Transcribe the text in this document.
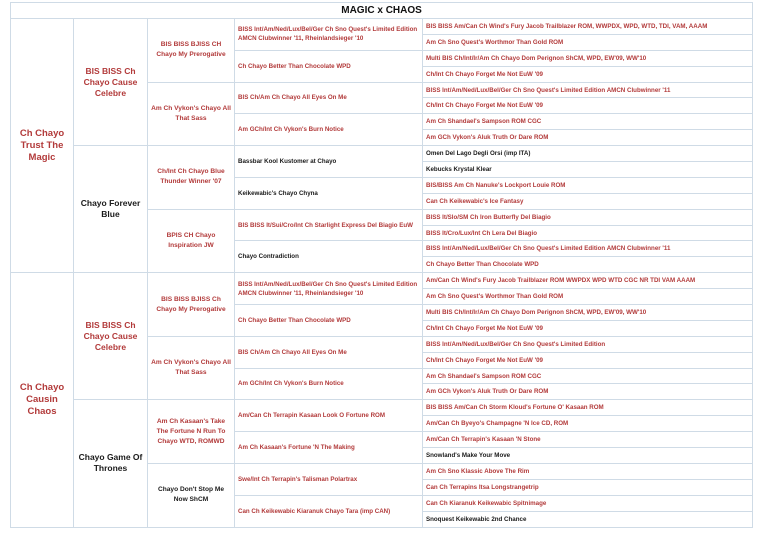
MAGIC x CHAOS				
Ch Chayo Trust The Magic	BIS BISS Ch Chayo Cause Celebre	BIS BISS BJISS CH Chayo My Prerogative	BISS Int/Am/Ned/Lux/Bel/Ger Ch Sno Quest's Limited Edition AMCN Clubwinner '11, Rheinlandsieger '10	BIS BISS Am/Can Ch Wind's Fury Jacob Trailblazer ROM, WWPDX, WPD, WTD, TDI, VAM, AAAM
				Am Ch Sno Quest's Worthmor Than Gold ROM
			Ch Chayo Better Than Chocolate WPD	Multi BIS Ch/Int/Ir/Am Ch Chayo Dom Perignon ShCM, WPD, EW'09, WW'10
				Ch/Int Ch Chayo Forget Me Not EuW '09
		Am Ch Vykon's Chayo All That Sass	BIS Ch/Am Ch Chayo All Eyes On Me	BISS Int/Am/Ned/Lux/Bel/Ger Ch Sno Quest's Limited Edition AMCN Clubwinner '11
				Ch/Int Ch Chayo Forget Me Not EuW '09
			Am GCh/Int Ch Vykon's Burn Notice	Am Ch Shandael's Sampson ROM CGC
				Am GCh Vykon's Aluk Truth Or Dare ROM
	Chayo Forever Blue	Ch/Int Ch Chayo Blue Thunder Winner '07	Bassbar Kool Kustomer at Chayo	Omen Del Lago Degli Orsi (imp ITA)
				Kebucks Krystal Klear
			Keikewabic's Chayo Chyna	BIS/BISS Am Ch Nanuke's Lockport Louie ROM
				Can Ch Keikewabic's Ice Fantasy
		BPIS CH Chayo Inspiration JW	BIS BISS It/Sui/Cro/Int Ch Starlight Express Del Biagio EuW	BISS It/Slo/SM Ch Iron Butterfly Del Biagio
				BISS It/Cro/Lux/Int Ch Lera Del Biagio
			Chayo Contradiction	BISS Int/Am/Ned/Lux/Bel/Ger Ch Sno Quest's Limited Edition AMCN Clubwinner '11
				Ch Chayo Better Than Chocolate WPD
Ch Chayo Causin Chaos	BIS BISS Ch Chayo Cause Celebre	BIS BISS BJISS Ch Chayo My Prerogative	BISS Int/Am/Ned/Lux/Bel/Ger Ch Sno Quest's Limited Edition AMCN Clubwinner '11, Rheinlandsieger '10	Am/Can Ch Wind's Fury Jacob Trailblazer ROM WWPDX WPD WTD CGC NR TDI VAM AAAM
				Am Ch Sno Quest's Worthmor Than Gold ROM
			Ch Chayo Better Than Chocolate WPD	Multi BIS Ch/Int/Ir/Am Ch Chayo Dom Perignon ShCM, WPD, EW'09, WW'10
				Ch/Int Ch Chayo Forget Me Not EuW '09
		Am Ch Vykon's Chayo All That Sass	BIS Ch/Am Ch Chayo All Eyes On Me	BISS Int/Am/Ned/Lux/Bel/Ger Ch Sno Quest's Limited Edition
				Ch/Int Ch Chayo Forget Me Not EuW '09
			Am GCh/Int Ch Vykon's Burn Notice	Am Ch Shandael's Sampson ROM CGC
				Am GCh Vykon's Aluk Truth Or Dare ROM
	Chayo Game Of Thrones	Am Ch Kasaan's Take The Fortune N Run To Chayo WTD, ROMWD	Am/Can Ch Terrapin Kasaan Look O Fortune ROM	BIS BISS Am/Can Ch Storm Kloud's Fortune O' Kasaan ROM
				Am/Can Ch Byeyo's Champagne 'N Ice CD, ROM
			Am Ch Kasaan's Fortune 'N The Making	Am/Can Ch Terrapin's Kasaan 'N Stone
				Snowland's Make Your Move
		Chayo Don't Stop Me Now ShCM	Swe/Int Ch Terrapin's Talisman Polartrax	Am Ch Sno Klassic Above The Rim
				Can Ch Terrapins Itsa Longstrangetrip
			Can Ch Keikewabic Kiaranuk Chayo Tara (imp CAN)	Can Ch Kiaranuk Keikewabic Spitnimage
				Snoquest Keikewabic 2nd Chance
